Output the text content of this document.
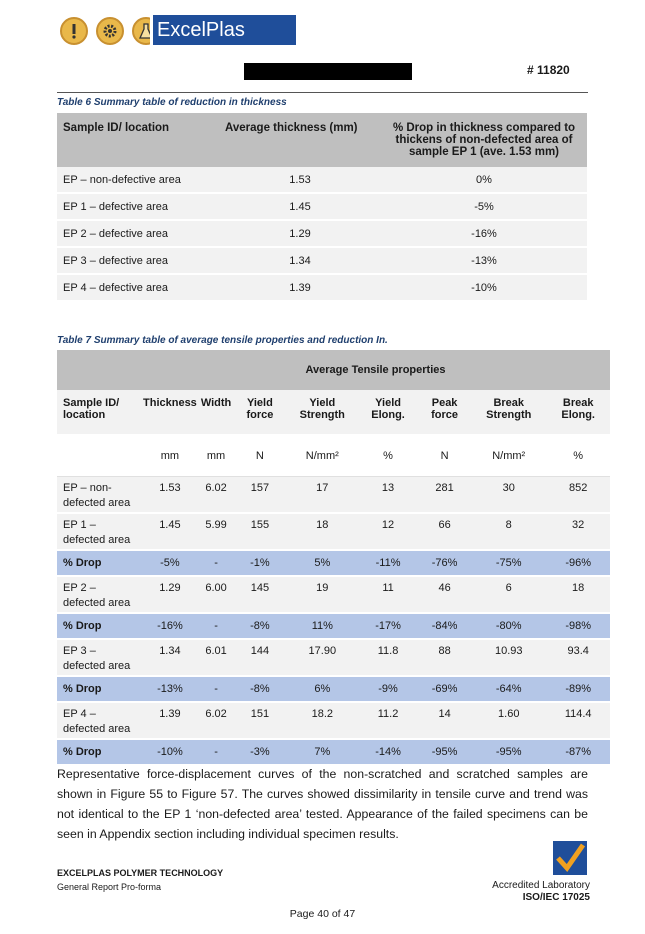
ExcelPlas
# 11820
Table 6 Summary table of reduction in thickness
Sample ID/ location	Average thickness (mm)	% Drop in thickness compared to thickens of non-defected area of sample EP 1 (ave. 1.53 mm)
EP – non-defective area	1.53	0%
EP 1 – defective area	1.45	-5%
EP 2 – defective area	1.29	-16%
EP 3 – defective area	1.34	-13%
EP 4 – defective area	1.39	-10%
Table 7 Summary table of average tensile properties and reduction In.
	Average Tensile properties							
Sample ID/ location	Thickness	Width	Yield force	Yield Strength	Yield Elong.	Peak force	Break Strength	Break Elong.
	mm	mm	N	N/mm²	%	N	N/mm²	%
EP – non-defected area	1.53	6.02	157	17	13	281	30	852
EP 1 – defected area	1.45	5.99	155	18	12	66	8	32
% Drop	-5%	-	-1%	5%	-11%	-76%	-75%	-96%
EP 2 – defected area	1.29	6.00	145	19	11	46	6	18
% Drop	-16%	-	-8%	11%	-17%	-84%	-80%	-98%
EP 3 – defected area	1.34	6.01	144	17.90	11.8	88	10.93	93.4
% Drop	-13%	-	-8%	6%	-9%	-69%	-64%	-89%
EP 4 – defected area	1.39	6.02	151	18.2	11.2	14	1.60	114.4
% Drop	-10%	-	-3%	7%	-14%	-95%	-95%	-87%
Representative force-displacement curves of the non-scratched and scratched samples are shown in Figure 55 to Figure 57. The curves showed dissimilarity in tensile curve and trend was not identical to the EP 1 ‘non-defected area’ tested. Appearance of the failed specimens can be seen in Appendix section including individual specimen results.
EXCELPLAS POLYMER TECHNOLOGY
General Report Pro-forma	Accredited Laboratory
ISO/IEC 17025
Page 40 of 47
